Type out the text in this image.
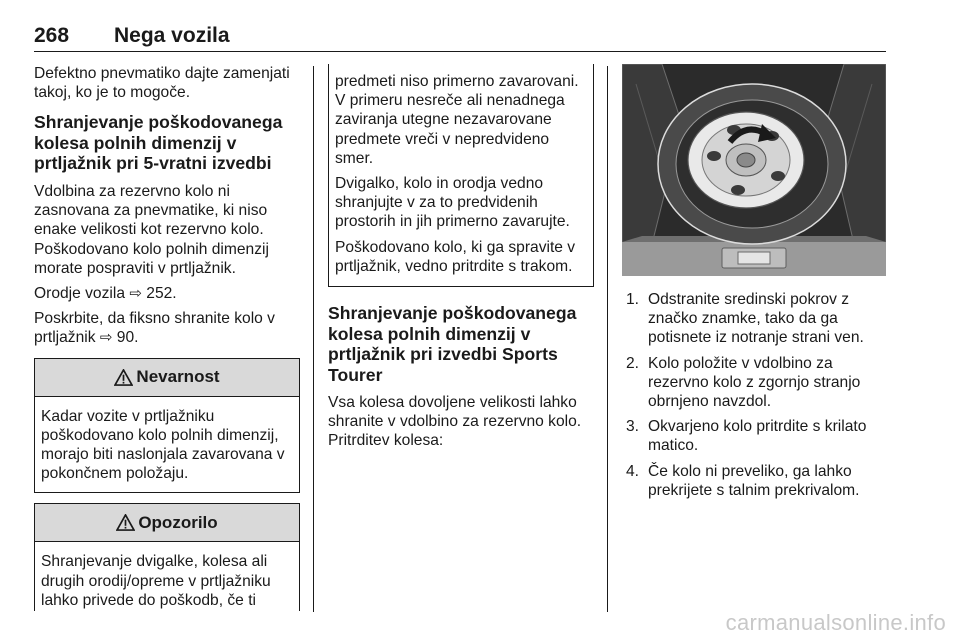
268 Nega vozila

Defektno pnevmatiko dajte zamenjati takoj, ko je to mogoče.

Shranjevanje poškodovanega kolesa polnih dimenzij v prtljažnik pri 5-vratni izvedbi

Vdolbina za rezervno kolo ni zasnovana za pnevmatike, ki niso enake velikosti kot rezervno kolo. Poškodovano kolo polnih dimenzij morate pospraviti v prtljažnik.

Orodje vozila ⇨ 252.

Poskrbite, da fiksno shranite kolo v prtljažnik ⇨ 90.

Nevarnost

Kadar vozite v prtljažniku poškodovano kolo polnih dimenzij, morajo biti naslonjala zavarovana v pokončnem položaju.

Opozorilo

Shranjevanje dvigalke, kolesa ali drugih orodij/opreme v prtljažniku lahko privede do poškodb, če ti

predmeti niso primerno zavarovani. V primeru nesreče ali nenadnega zaviranja utegne nezavarovane predmete vreči v nepredvideno smer.

Dvigalko, kolo in orodja vedno shranjujte v za to predvidenih prostorih in jih primerno zavarujte.

Poškodovano kolo, ki ga spravite v prtljažnik, vedno pritrdite s trakom.

Shranjevanje poškodovanega kolesa polnih dimenzij v prtljažnik pri izvedbi Sports Tourer

Vsa kolesa dovoljene velikosti lahko shranite v vdolbino za rezervno kolo. Pritrditev kolesa:

1. Odstranite sredinski pokrov z značko znamke, tako da ga potisnete iz notranje strani ven.
2. Kolo položite v vdolbino za rezervno kolo z zgornjo stranjo obrnjeno navzdol.
3. Okvarjeno kolo pritrdite s krilato matico.
4. Če kolo ni preveliko, ga lahko prekrijete s talnim prekrivalom.
carmanualsonline.info
